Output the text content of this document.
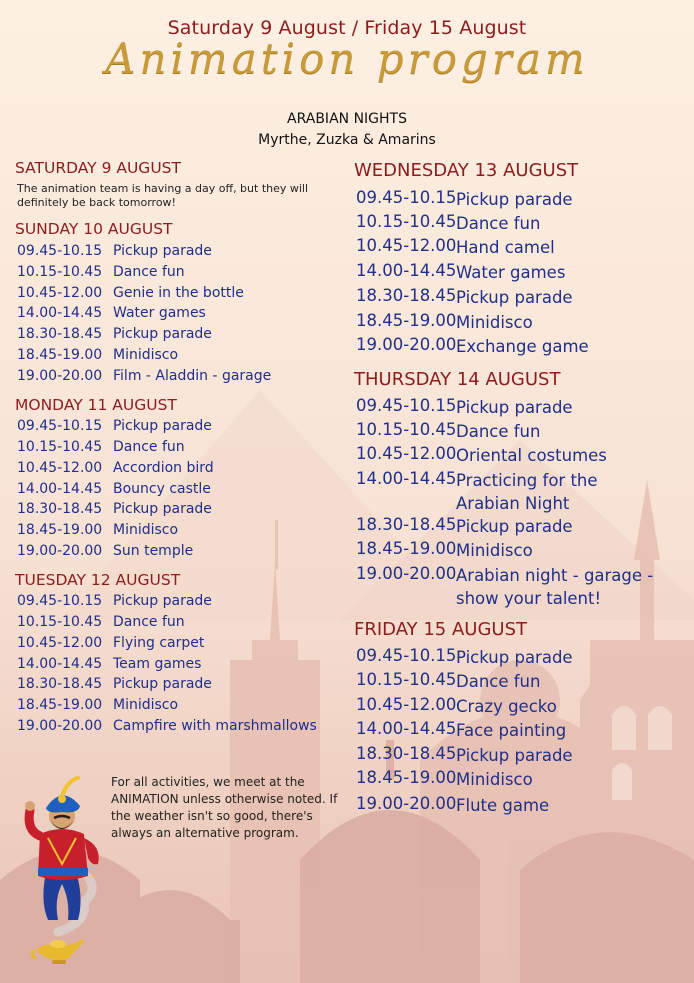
Saturday 9 August / Friday 15 August
Animation program
ARABIAN NIGHTS
Myrthe, Zuzka & Amarins
SATURDAY 9 AUGUST
The animation team is having a day off, but they will
definitely be back tomorrow!
SUNDAY 10 AUGUST
09.45-10.15 Pickup parade
10.15-10.45 Dance fun
10.45-12.00 Genie in the bottle
14.00-14.45 Water games
18.30-18.45 Pickup parade
18.45-19.00 Minidisco
19.00-20.00 Film - Aladdin - garage
MONDAY 11 AUGUST
09.45-10.15 Pickup parade
10.15-10.45 Dance fun
10.45-12.00 Accordion bird
14.00-14.45 Bouncy castle
18.30-18.45 Pickup parade
18.45-19.00 Minidisco
19.00-20.00 Sun temple
TUESDAY 12 AUGUST
09.45-10.15 Pickup parade
10.15-10.45 Dance fun
10.45-12.00 Flying carpet
14.00-14.45 Team games
18.30-18.45 Pickup parade
18.45-19.00 Minidisco
19.00-20.00 Campfire with marshmallows
For all activities, we meet at the
ANIMATION unless otherwise noted. If
the weather isn't so good, there's
always an alternative program.
WEDNESDAY 13 AUGUST
09.45-10.15 Pickup parade
10.15-10.45 Dance fun
10.45-12.00 Hand camel
14.00-14.45 Water games
18.30-18.45 Pickup parade
18.45-19.00 Minidisco
19.00-20.00 Exchange game
THURSDAY 14 AUGUST
09.45-10.15 Pickup parade
10.15-10.45 Dance fun
10.45-12.00 Oriental costumes
14.00-14.45 Practicing for the Arabian Night
18.30-18.45 Pickup parade
18.45-19.00 Minidisco
19.00-20.00 Arabian night - garage - show your talent!
FRIDAY 15 AUGUST
09.45-10.15 Pickup parade
10.15-10.45 Dance fun
10.45-12.00 Crazy gecko
14.00-14.45 Face painting
18.30-18.45 Pickup parade
18.45-19.00 Minidisco
19.00-20.00 Flute game
